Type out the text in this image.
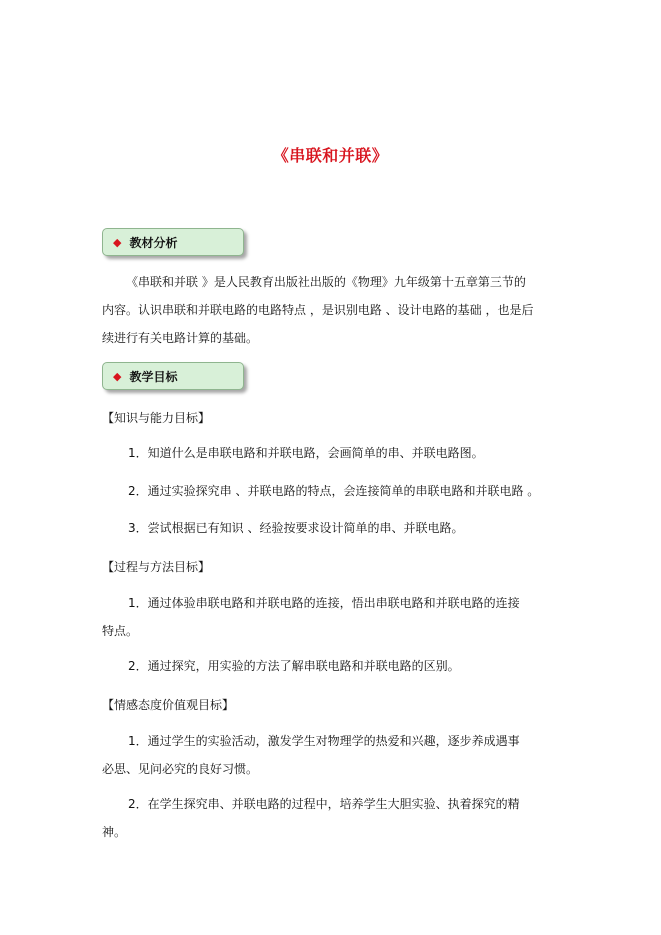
《串联和并联》
◆ 教材分析
《串联和并联 》是人民教育出版社出版的《物理》九年级第十五章第三节的
内容。认识串联和并联电路的电路特点 ，是识别电路 、设计电路的基础 ，也是后
续进行有关电路计算的基础。
◆ 教学目标
【知识与能力目标】
1．知道什么是串联电路和并联电路，会画简单的串、并联电路图。
2．通过实验探究串 、并联电路的特点，会连接简单的串联电路和并联电路 。
3．尝试根据已有知识 、经验按要求设计简单的串、并联电路。
【过程与方法目标】
1．通过体验串联电路和并联电路的连接，悟出串联电路和并联电路的连接
特点。
2．通过探究，用实验的方法了解串联电路和并联电路的区别。
【情感态度价值观目标】
1．通过学生的实验活动，激发学生对物理学的热爱和兴趣，逐步养成遇事
必思、见问必究的良好习惯。
2．在学生探究串、并联电路的过程中，培养学生大胆实验、执着探究的精
神。
